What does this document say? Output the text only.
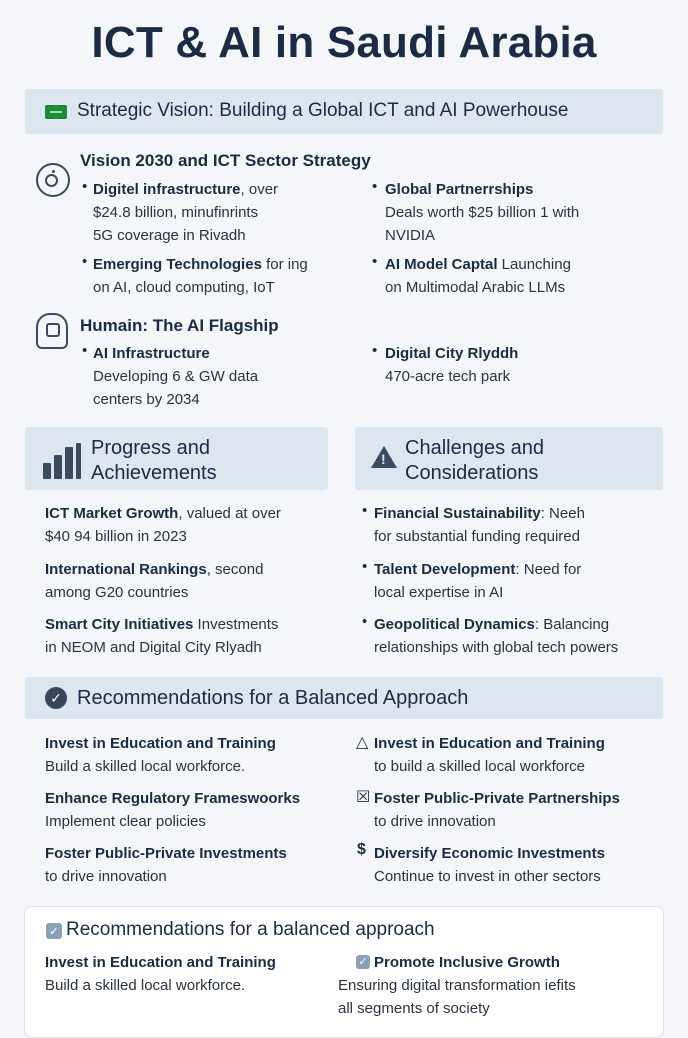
ICT & AI in Saudi Arabia
Strategic Vision: Building a Global ICT and AI Powerhouse
Vision 2030 and ICT Sector Strategy
• Digitel infrastructure, over
$24.8 billion, minufinrints
5G coverage in Rivadh
• Emerging Technologies for ing
on AI, cloud computing, IoT
• Global Partnerrships
Deals worth $25 billion 1 with
NVIDIA
• AI Model Captal Launching
on Multimodal Arabic LLMs
Humain: The AI Flagship
• AI Infrastructure
Developing 6 & GW data
centers by 2034
• Digital City Rlyddh
470-acre tech park
Progress and
Achievements
!
Challenges and
Considerations
ICT Market Growth, valued at over
$40 94 billion in 2023
International Rankings, second
among G20 countries
Smart City Initiatives Investments
in NEOM and Digital City Rlyadh
• Financial Sustainability: Neeh
for substantial funding required
• Talent Development: Need for
local expertise in AI
• Geopolitical Dynamics: Balancing
relationships with global tech powers
✓ Recommendations for a Balanced Approach
Invest in Education and Training
Build a skilled local workforce.
Enhance Regulatory Frameswoorks
Implement clear policies
Foster Public-Private Investments
to drive innovation
△ Invest in Education and Training
to build a skilled local workforce
☒ Foster Public-Private Partnerships
to drive innovation
$ Diversify Economic Investments
Continue to invest in other sectors
✓ Recommendations for a balanced approach
Invest in Education and Training
Build a skilled local workforce.
✓ Promote Inclusive Growth
Ensuring digital transformation iefits
all segments of society
